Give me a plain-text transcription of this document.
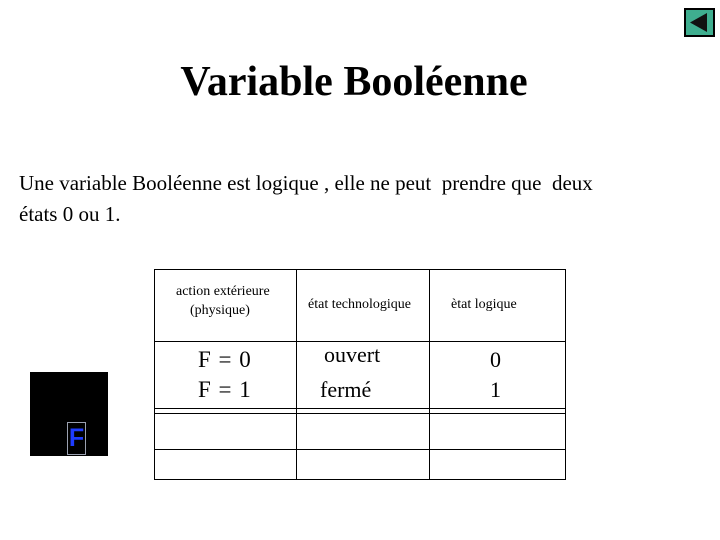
Variable Booléenne
Une variable Booléenne est logique , elle ne peut  prendre que  deux
états 0 ou 1.
action extérieure
(physique)	état technologique	ètat logique
F = 0
F = 1
ouvert
fermé
0
1
F
